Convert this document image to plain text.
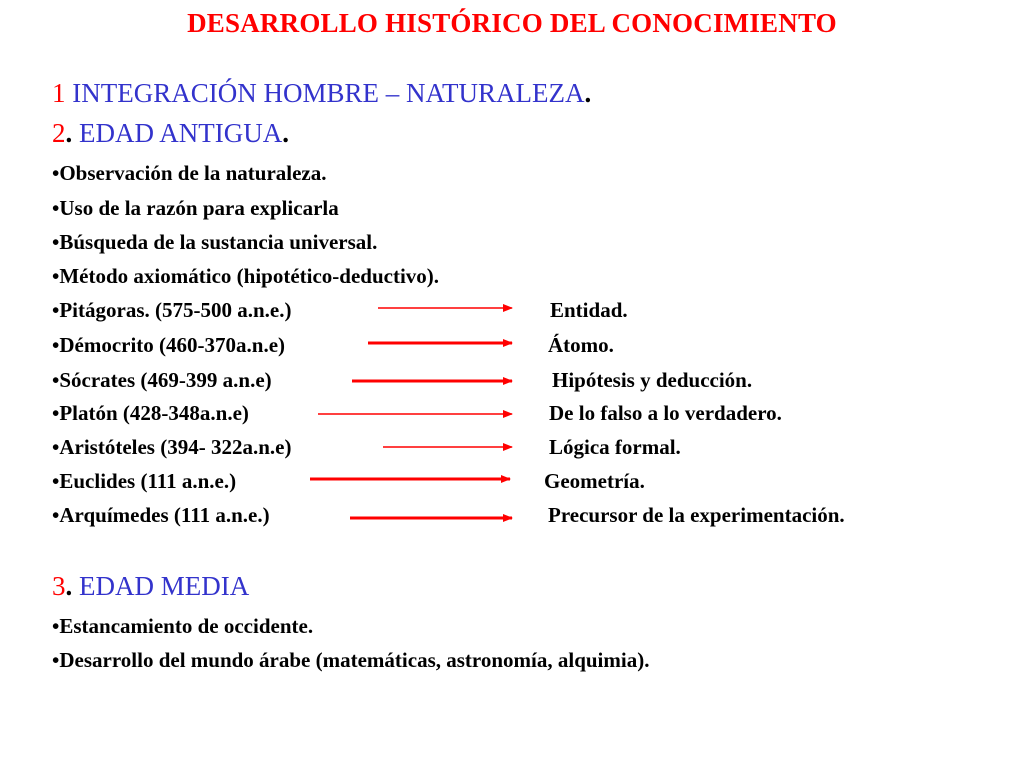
DESARROLLO HISTÓRICO DEL CONOCIMIENTO
1 INTEGRACIÓN HOMBRE – NATURALEZA.
2. EDAD ANTIGUA.
•Observación de la naturaleza.
•Uso de la razón para explicarla
•Búsqueda de la sustancia universal.
•Método axiomático (hipotético-deductivo).
•Pitágoras. (575-500 a.n.e.)	Entidad.
•Démocrito (460-370a.n.e)	Átomo.
•Sócrates (469-399 a.n.e)	Hipótesis y deducción.
•Platón (428-348a.n.e)	De lo falso a lo verdadero.
•Aristóteles (394- 322a.n.e)	Lógica formal.
•Euclides (111 a.n.e.)	Geometría.
•Arquímedes (111 a.n.e.)	Precursor de la experimentación.
3. EDAD MEDIA
•Estancamiento de occidente.
•Desarrollo del mundo árabe (matemáticas, astronomía, alquimia).
